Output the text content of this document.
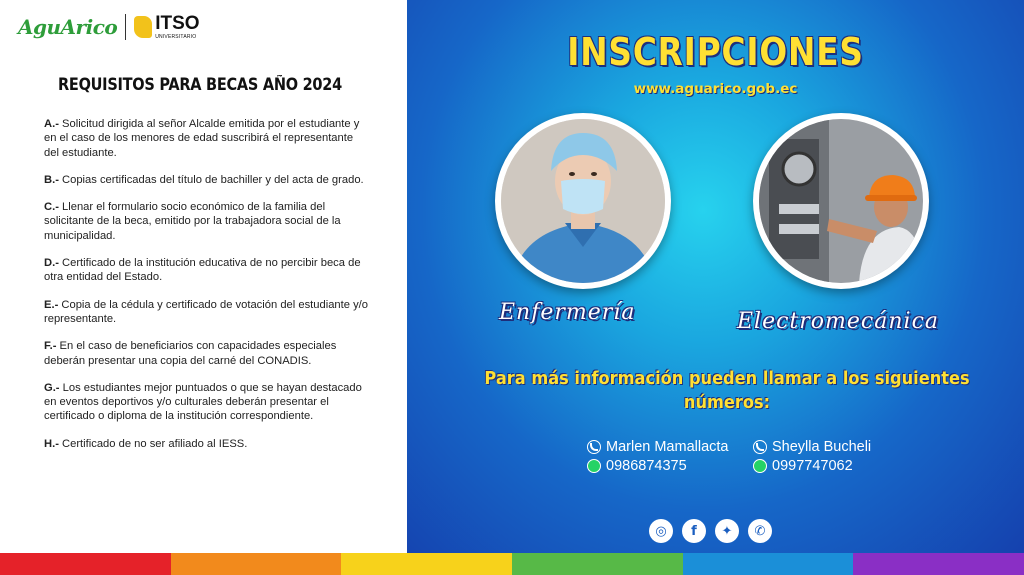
AguArico ITSO
UNIVERSITARIO
REQUISITOS PARA BECAS AÑO 2024
A.- Solicitud dirigida al señor Alcalde emitida por el estudiante y en el caso de los menores de edad suscribirá el representante del estudiante.
B.- Copias certificadas del título de bachiller y del acta de grado.
C.- Llenar el formulario socio económico de la familia del solicitante de la beca, emitido por la trabajadora social de la municipalidad.
D.- Certificado de la institución educativa de no percibir beca de otra entidad del Estado.
E.- Copia de la cédula y certificado de votación del estudiante y/o representante.
F.- En el caso de beneficiarios con capacidades especiales deberán presentar una copia del carné del CONADIS.
G.- Los estudiantes mejor puntuados o que se hayan destacado en eventos deportivos y/o culturales deberán presentar el certificado o diploma de la institución correspondiente.
H.- Certificado de no ser afiliado al IESS.
INSCRIPCIONES
www.aguarico.gob.ec
Enfermería	Electromecánica
Para más información pueden llamar a los siguientes números:
Marlen Mamallacta
0986874375
Sheylla Bucheli
0997747062
◎	f	✦	✆
